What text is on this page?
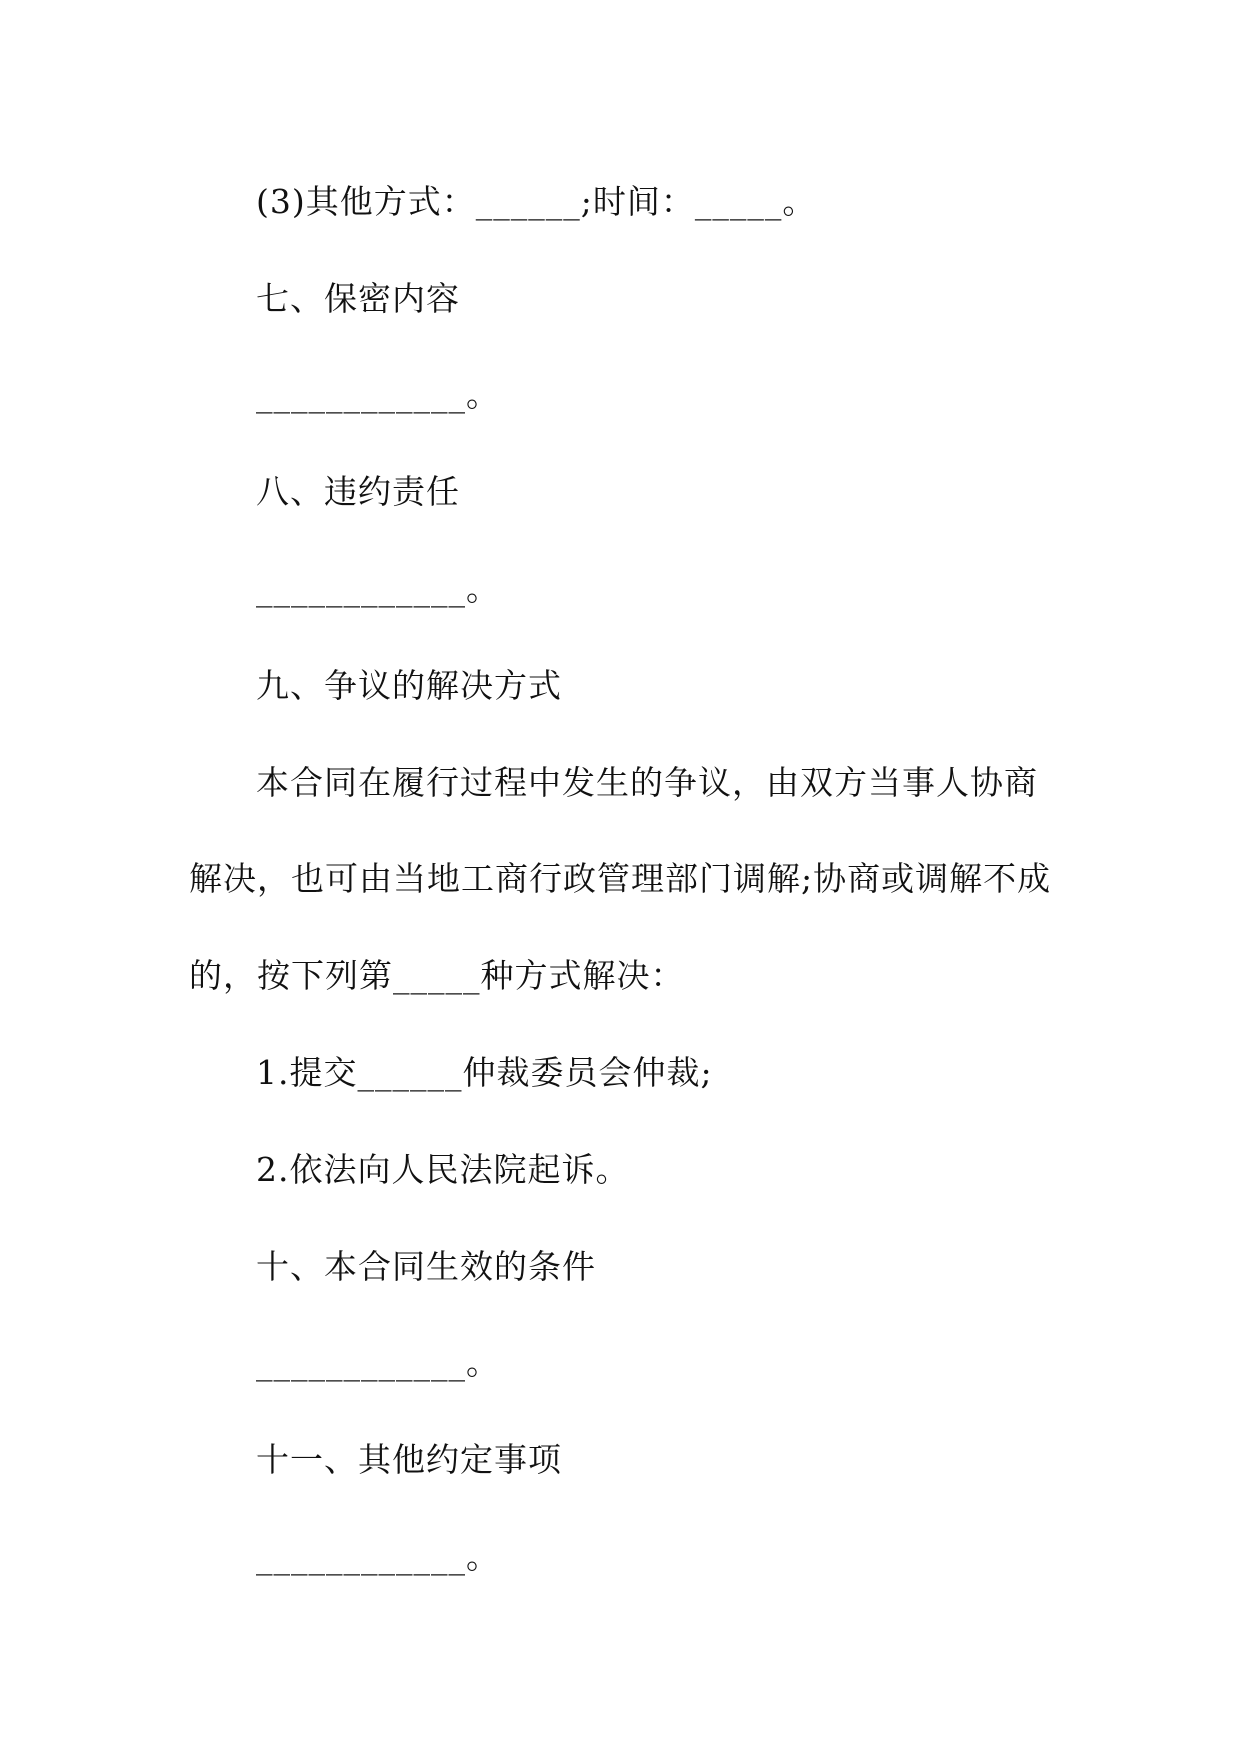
(3)其他方式：______;时间：_____。
七、保密内容
____________。
八、违约责任
____________。
九、争议的解决方式
本合同在履行过程中发生的争议，由双方当事人协商
解决，也可由当地工商行政管理部门调解;协商或调解不成
的，按下列第_____种方式解决：
1.提交______仲裁委员会仲裁;
2.依法向人民法院起诉。
十、本合同生效的条件
____________。
十一、其他约定事项
____________。
